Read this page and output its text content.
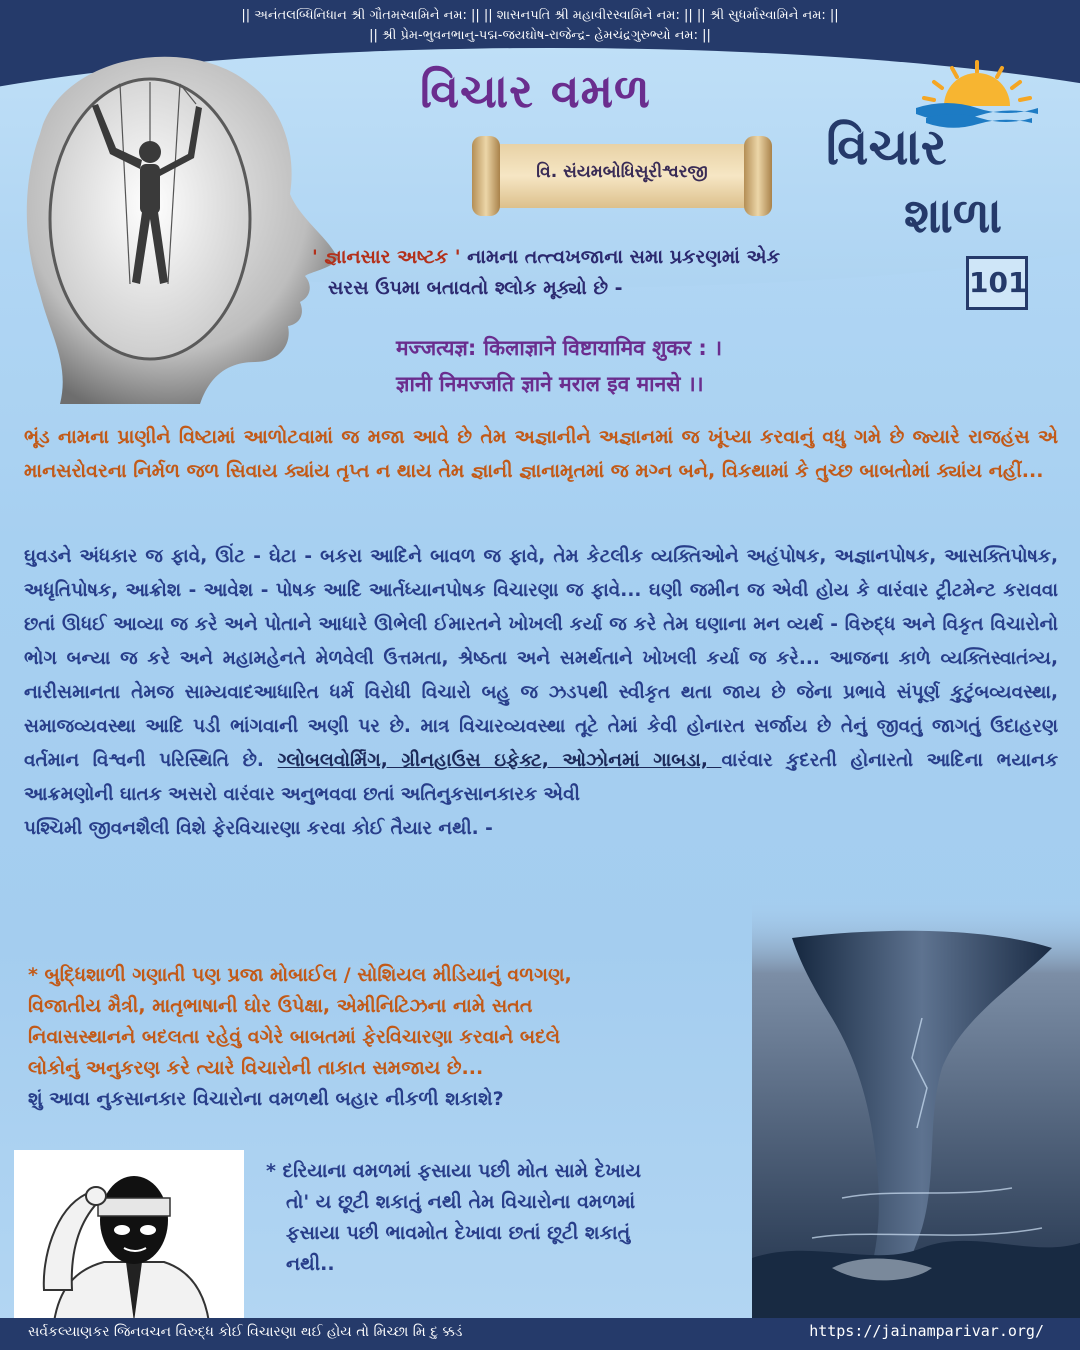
|| અનંતલબ્ધિનિધાન શ્રી ગૌતમસ્વામિને નમ: || || શાસનપતિ શ્રી મહાવીરસ્વામિને નમ: || || શ્રી સુધર્માસ્વામિને નમ: ||
|| શ્રી પ્રેમ-ભુવનભાનુ-પદ્મ-જયઘોષ-રાજેન્દ્ર- હેમચંદ્રગુરુભ્યો નમ: ||
વિચાર વમળ
વિ. સંયમબોધિસૂરીશ્વરજી	વિચાર
શાળા
101
' જ્ઞાનસાર અષ્ટક ' નામના તત્ત્વખજાના સમા પ્રકરણમાં એક
સરસ ઉપમા બતાવતો શ્લોક મૂક્યો છે -
मज्जत्यज्ञ: किलाज्ञाने विष्टायामिव शुकर : ।
ज्ञानी निमज्जति ज्ञाने मराल इव मानसे ।।
ભૂંડ નામના પ્રાણીને વિષ્ટામાં આળોટવામાં જ મજા આવે છે તેમ અજ્ઞાનીને અજ્ઞાનમાં જ ખૂંપ્યા કરવાનું વધુ ગમે છે જ્યારે રાજહંસ એ માનસરોવરના નિર્મળ જળ સિવાય ક્યાંય તૃપ્ત ન થાય તેમ જ્ઞાની જ્ઞાનામૃતમાં જ મગ્ન બને, વિકથામાં કે તુચ્છ બાબતોમાં ક્યાંય નહીં...
ઘુવડને અંધકાર જ ફાવે, ઊંટ - ઘેટા - બકરા આદિને બાવળ જ ફાવે, તેમ કેટલીક વ્યક્તિઓને અહંપોષક, અજ્ઞાનપોષક, આસક્તિપોષક, અધૃતિપોષક, આક્રોશ - આવેશ - પોષક આદિ આર્તધ્યાનપોષક વિચારણા જ ફાવે... ઘણી જમીન જ એવી હોય કે વારંવાર ટ્રીટમેન્ટ કરાવવા છતાં ઊધઈ આવ્યા જ કરે અને પોતાને આધારે ઊભેલી ઈમારતને ખોખલી કર્યા જ કરે તેમ ઘણાના મન વ્યર્થ - વિરુદ્ધ અને વિકૃત વિચારોનો ભોગ બન્યા જ કરે અને મહામહેનતે મેળવેલી ઉત્તમતા, શ્રેષ્ઠતા અને સમર્થતાને ખોખલી કર્યા જ કરે... આજના કાળે વ્યક્તિસ્વાતંત્ર્ય, નારીસમાનતા તેમજ સામ્યવાદઆધારિત ધર્મ વિરોધી વિચારો બહુ જ ઝડપથી સ્વીકૃત થતા જાય છે જેના પ્રભાવે સંપૂર્ણ કુટુંબવ્યવસ્થા, સમાજવ્યવસ્થા આદિ પડી ભાંગવાની અણી પર છે. માત્ર વિચારવ્યવસ્થા તૂટે તેમાં કેવી હોનારત સર્જાય છે તેનું જીવતું જાગતું ઉદાહરણ વર્તમાન વિશ્વની પરિસ્થિતિ છે. ગ્લોબલવોર્મિંગ, ગ્રીનહાઉસ ઇફેક્ટ, ઓઝોનમાં ગાબડા, વારંવાર કુદરતી હોનારતો આદિના ભયાનક આક્રમણોની ઘાતક અસરો વારંવાર અનુભવવા છતાં અતિનુકસાનકારક એવી
પશ્ચિમી જીવનશૈલી વિશે ફેરવિચારણા કરવા કોઈ તૈયાર નથી. -
* બુદ્ધિશાળી ગણાતી પણ પ્રજા મોબાઈલ / સોશિયલ મીડિયાનું વળગણ,
વિજાતીય મૈત્રી, માતૃભાષાની ઘોર ઉપેક્ષા, એમીનિટિઝના નામે સતત
નિવાસસ્થાનને બદલતા રહેવું વગેરે બાબતમાં ફેરવિચારણા કરવાને બદલે
લોકોનું અનુકરણ કરે ત્યારે વિચારોની તાકાત સમજાય છે...
શું આવા નુકસાનકાર વિચારોના વમળથી બહાર નીકળી શકાશે?
* દરિયાના વમળમાં ફસાયા પછી મોત સામે દેખાય
તો' ય છૂટી શકાતું નથી તેમ વિચારોના વમળમાં
ફસાયા પછી ભાવમોત દેખાવા છતાં છૂટી શકાતું
નથી..
સર્વકલ્યાણકર જિનવચન વિરુદ્ધ કોઈ વિચારણા થઈ હોય તો મિચ્છા મિ દુ ક્કડં	https://jainamparivar.org/
